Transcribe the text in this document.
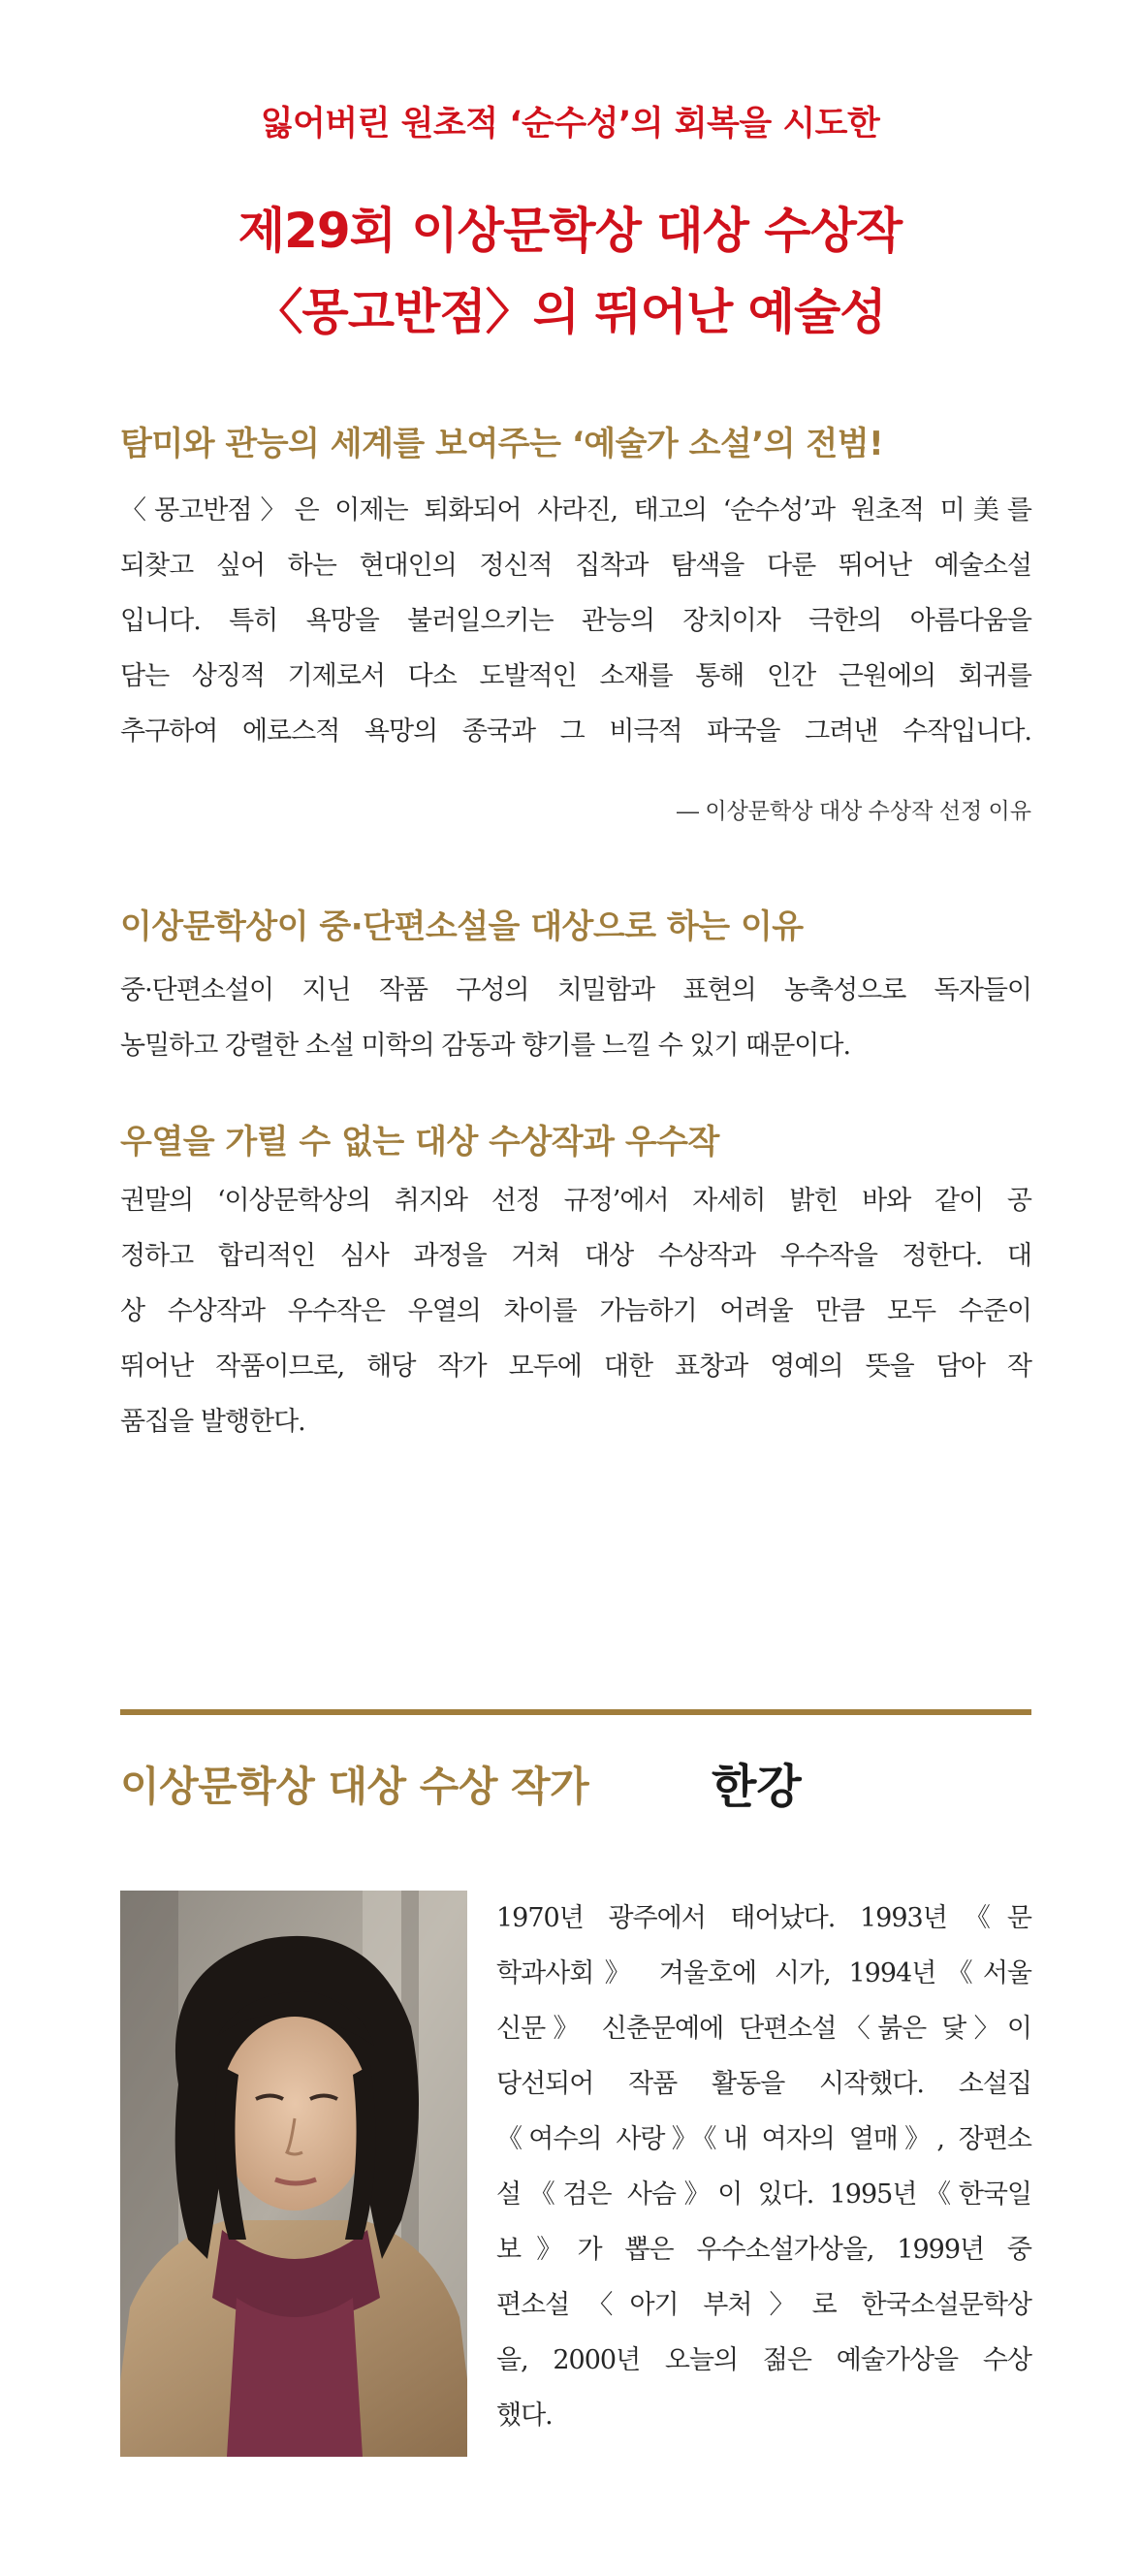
잃어버린 원초적 ‘순수성’의 회복을 시도한
제29회 이상문학상 대상 수상작
〈몽고반점〉의 뛰어난 예술성
탐미와 관능의 세계를 보여주는 ‘예술가 소설’의 전범!
〈몽고반점〉은 이제는 퇴화되어 사라진, 태고의 ‘순수성’과 원초적 미美를
되찾고 싶어 하는 현대인의 정신적 집착과 탐색을 다룬 뛰어난 예술소설
입니다. 특히 욕망을 불러일으키는 관능의 장치이자 극한의 아름다움을
담는 상징적 기제로서 다소 도발적인 소재를 통해 인간 근원에의 회귀를
추구하여 에로스적 욕망의 종국과 그 비극적 파국을 그려낸 수작입니다.
— 이상문학상 대상 수상작 선정 이유
이상문학상이 중·단편소설을 대상으로 하는 이유
중·단편소설이 지닌 작품 구성의 치밀함과 표현의 농축성으로 독자들이
농밀하고 강렬한 소설 미학의 감동과 향기를 느낄 수 있기 때문이다.
우열을 가릴 수 없는 대상 수상작과 우수작
권말의 ‘이상문학상의 취지와 선정 규정’에서 자세히 밝힌 바와 같이 공
정하고 합리적인 심사 과정을 거쳐 대상 수상작과 우수작을 정한다. 대
상 수상작과 우수작은 우열의 차이를 가늠하기 어려울 만큼 모두 수준이
뛰어난 작품이므로, 해당 작가 모두에 대한 표창과 영예의 뜻을 담아 작
품집을 발행한다.
이상문학상 대상 수상 작가	한강
1970년 광주에서 태어났다. 1993년《문
학과사회》 겨울호에 시가, 1994년《서울
신문》 신춘문예에 단편소설〈붉은 닻〉이
당선되어 작품 활동을 시작했다. 소설집
《여수의 사랑》《내 여자의 열매》, 장편소
설《검은 사슴》이 있다. 1995년《한국일
보》가 뽑은 우수소설가상을, 1999년 중
편소설〈아기 부처〉로 한국소설문학상
을, 2000년 오늘의 젊은 예술가상을 수상
했다.
